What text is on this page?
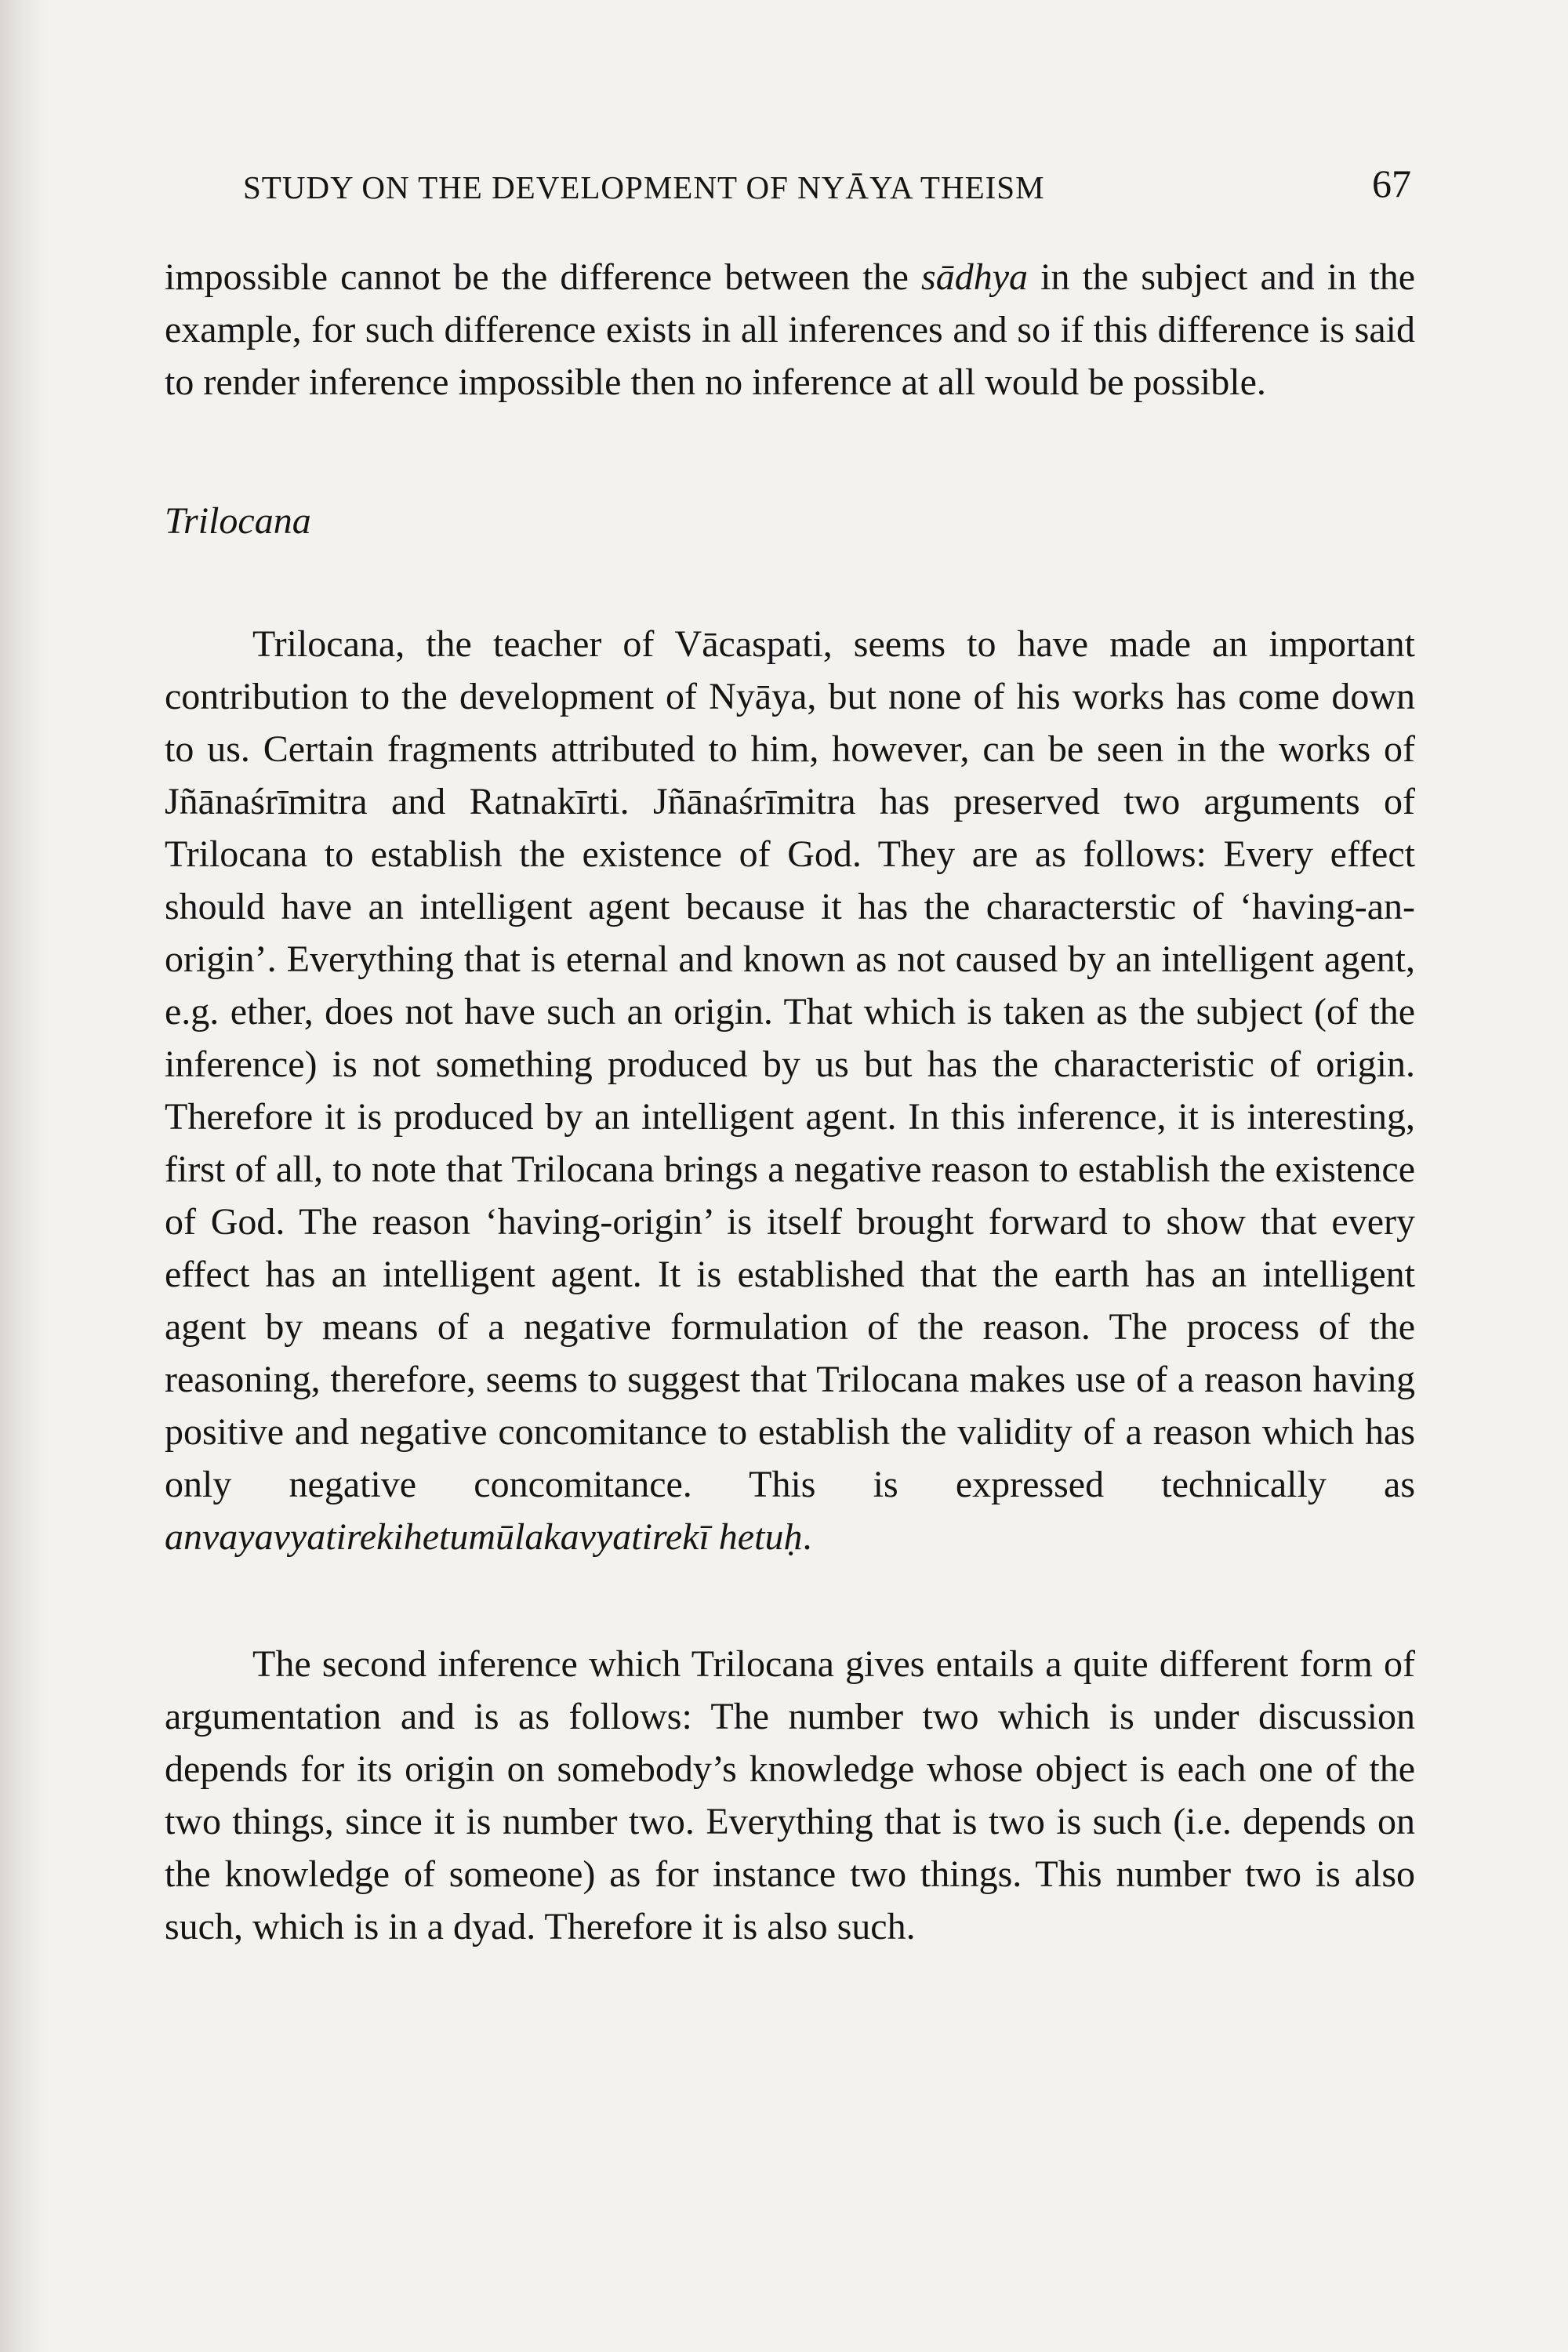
STUDY ON THE DEVELOPMENT OF NYĀYA THEISM	67

impossible cannot be the difference between the sādhya in the subject and in the example, for such difference exists in all inferences and so if this difference is said to render inference impossible then no inference at all would be possible.

Trilocana

Trilocana, the teacher of Vācaspati, seems to have made an important contribution to the development of Nyāya, but none of his works has come down to us. Certain fragments attributed to him, however, can be seen in the works of Jñānaśrīmitra and Ratnakīrti. Jñānaśrīmitra has preserved two arguments of Trilocana to establish the existence of God. They are as follows: Every effect should have an intelligent agent because it has the characterstic of ‘having-an-origin’. Everything that is eternal and known as not caused by an intelligent agent, e.g. ether, does not have such an origin. That which is taken as the subject (of the inference) is not something produced by us but has the characteristic of origin. Therefore it is produced by an intelligent agent. In this inference, it is interesting, first of all, to note that Trilocana brings a negative reason to establish the existence of God. The reason ‘having-origin’ is itself brought forward to show that every effect has an intelligent agent. It is established that the earth has an intelligent agent by means of a negative formulation of the reason. The process of the reasoning, therefore, seems to suggest that Trilocana makes use of a reason having positive and negative concomitance to establish the validity of a reason which has only negative concomitance. This is expressed technically as anvayavyatirekihetumūlakavyatirekī hetuḥ.

The second inference which Trilocana gives entails a quite different form of argumentation and is as follows: The number two which is under discussion depends for its origin on somebody’s knowledge whose object is each one of the two things, since it is number two. Everything that is two is such (i.e. depends on the knowledge of someone) as for instance two things. This number two is also such, which is in a dyad. Therefore it is also such.
